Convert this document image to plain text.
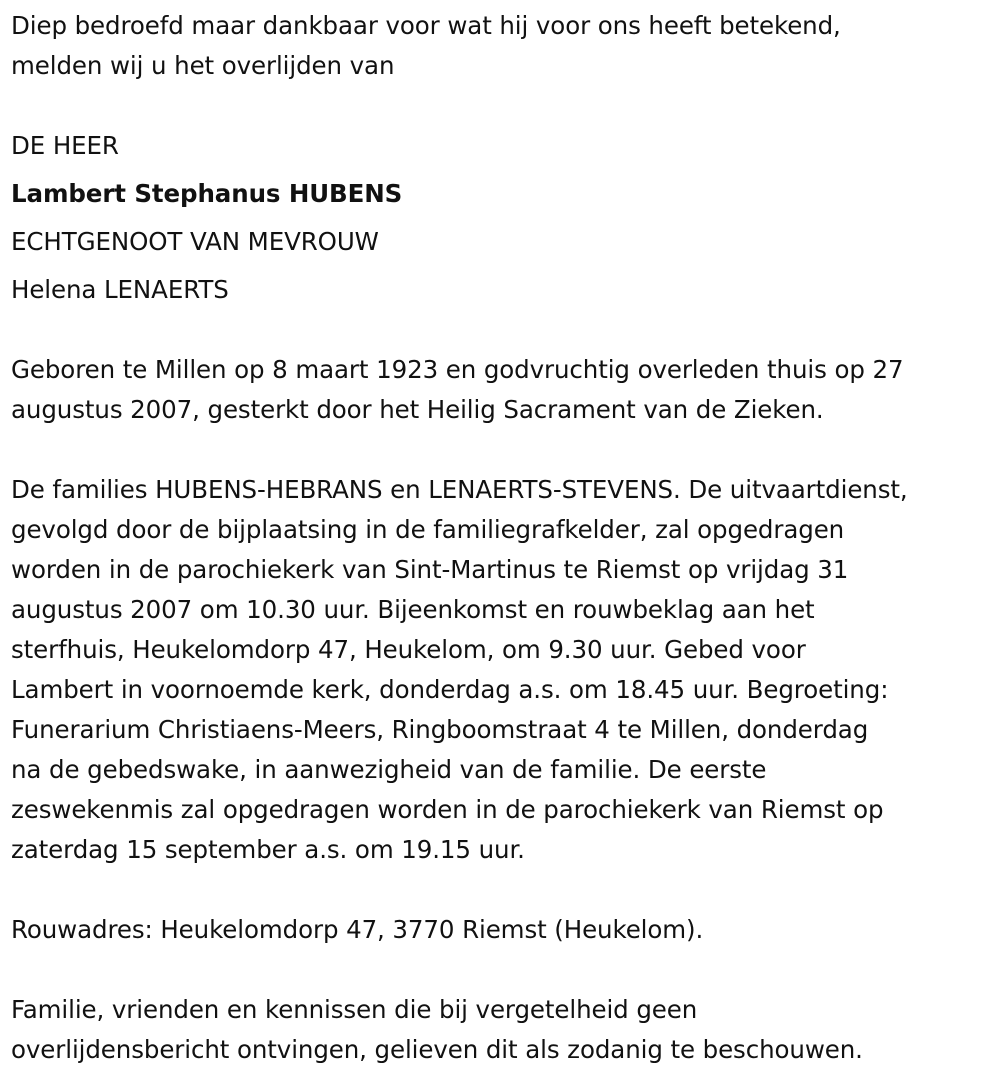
Diep bedroefd maar dankbaar voor wat hij voor ons heeft betekend,
melden wij u het overlijden van
DE HEER
Lambert Stephanus HUBENS
ECHTGENOOT VAN MEVROUW
Helena LENAERTS
Geboren te Millen op 8 maart 1923 en godvruchtig overleden thuis op 27
augustus 2007, gesterkt door het Heilig Sacrament van de Zieken.
De families HUBENS-HEBRANS en LENAERTS-STEVENS. De uitvaartdienst,
gevolgd door de bijplaatsing in de familiegrafkelder, zal opgedragen
worden in de parochiekerk van Sint-Martinus te Riemst op vrijdag 31
augustus 2007 om 10.30 uur. Bijeenkomst en rouwbeklag aan het
sterfhuis, Heukelomdorp 47, Heukelom, om 9.30 uur. Gebed voor
Lambert in voornoemde kerk, donderdag a.s. om 18.45 uur. Begroeting:
Funerarium Christiaens-Meers, Ringboomstraat 4 te Millen, donderdag
na de gebedswake, in aanwezigheid van de familie. De eerste
zeswekenmis zal opgedragen worden in de parochiekerk van Riemst op
zaterdag 15 september a.s. om 19.15 uur.
Rouwadres: Heukelomdorp 47, 3770 Riemst (Heukelom).
Familie, vrienden en kennissen die bij vergetelheid geen
overlijdensbericht ontvingen, gelieven dit als zodanig te beschouwen.
